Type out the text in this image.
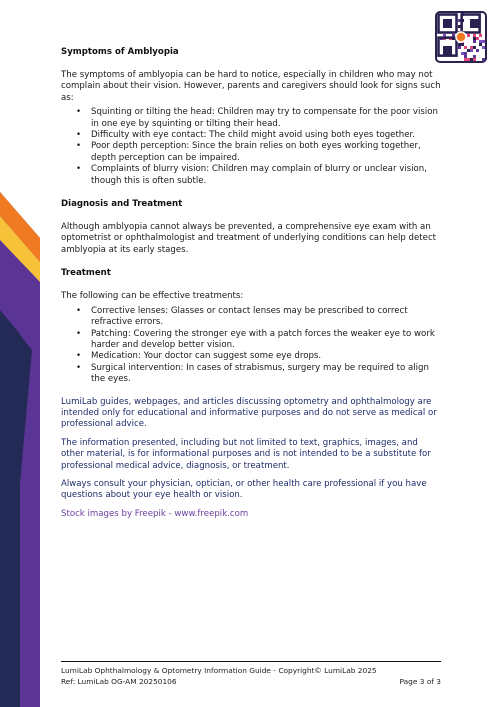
Symptoms of Amblyopia

The symptoms of amblyopia can be hard to notice, especially in children who may not complain about their vision. However, parents and caregivers should look for signs such as:

• Squinting or tilting the head: Children may try to compensate for the poor vision in one eye by squinting or tilting their head.
• Difficulty with eye contact: The child might avoid using both eyes together.
• Poor depth perception: Since the brain relies on both eyes working together, depth perception can be impaired.
• Complaints of blurry vision: Children may complain of blurry or unclear vision, though this is often subtle.
Diagnosis and Treatment

Although amblyopia cannot always be prevented, a comprehensive eye exam with an optometrist or ophthalmologist and treatment of underlying conditions can help detect amblyopia at its early stages.

Treatment

The following can be effective treatments:

• Corrective lenses: Glasses or contact lenses may be prescribed to correct refractive errors.
• Patching: Covering the stronger eye with a patch forces the weaker eye to work harder and develop better vision.
• Medication: Your doctor can suggest some eye drops.
• Surgical intervention: In cases of strabismus, surgery may be required to align the eyes.

LumiLab guides, webpages, and articles discussing optometry and ophthalmology are intended only for educational and informative purposes and do not serve as medical or professional advice.

The information presented, including but not limited to text, graphics, images, and other material, is for informational purposes and is not intended to be a substitute for professional medical advice, diagnosis, or treatment.

Always consult your physician, optician, or other health care professional if you have questions about your eye health or vision.

Stock images by Freepik - www.freepik.com

LumiLab Ophthalmology & Optometry Information Guide - Copyright© LumiLab 2025
Ref: LumiLab OG-AM 20250106	Page 3 of 3
